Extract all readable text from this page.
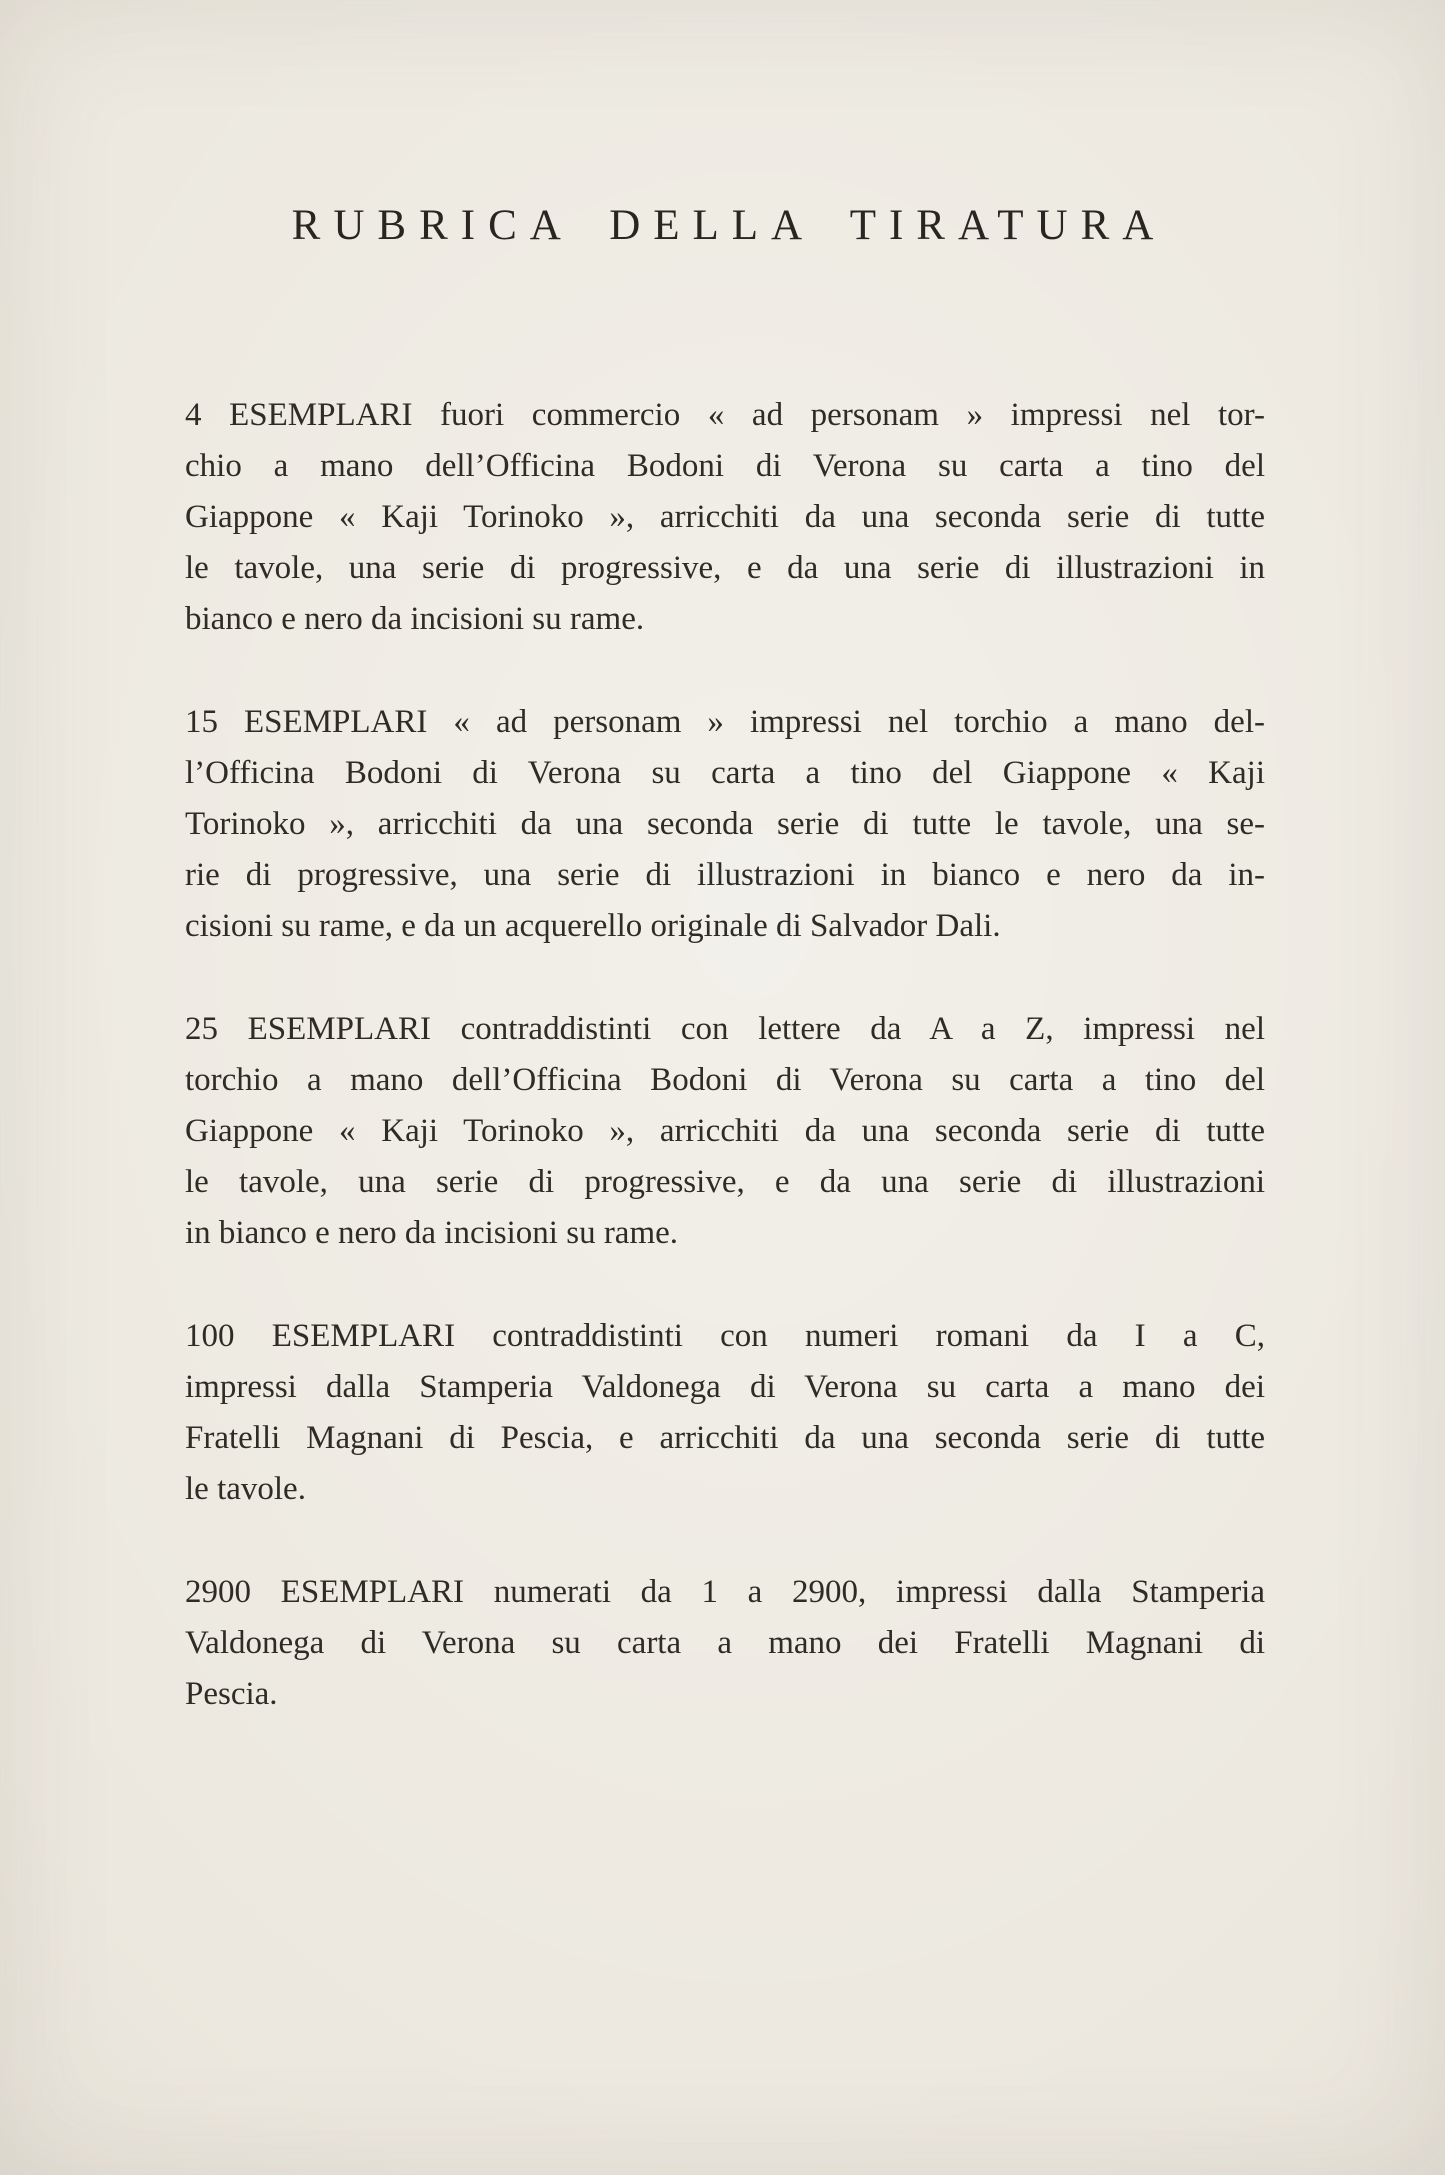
RUBRICA DELLA TIRATURA
4 ESEMPLARI fuori commercio « ad personam » impressi nel tor-
chio a mano dell’Officina Bodoni di Verona su carta a tino del
Giappone « Kaji Torinoko », arricchiti da una seconda serie di tutte
le tavole, una serie di progressive, e da una serie di illustrazioni in
bianco e nero da incisioni su rame.
15 ESEMPLARI « ad personam » impressi nel torchio a mano del-
l’Officina Bodoni di Verona su carta a tino del Giappone « Kaji
Torinoko », arricchiti da una seconda serie di tutte le tavole, una se-
rie di progressive, una serie di illustrazioni in bianco e nero da in-
cisioni su rame, e da un acquerello originale di Salvador Dali.
25 ESEMPLARI contraddistinti con lettere da A a Z, impressi nel
torchio a mano dell’Officina Bodoni di Verona su carta a tino del
Giappone « Kaji Torinoko », arricchiti da una seconda serie di tutte
le tavole, una serie di progressive, e da una serie di illustrazioni
in bianco e nero da incisioni su rame.
100 ESEMPLARI contraddistinti con numeri romani da I a C,
impressi dalla Stamperia Valdonega di Verona su carta a mano dei
Fratelli Magnani di Pescia, e arricchiti da una seconda serie di tutte
le tavole.
2900 ESEMPLARI numerati da 1 a 2900, impressi dalla Stamperia
Valdonega di Verona su carta a mano dei Fratelli Magnani di
Pescia.
